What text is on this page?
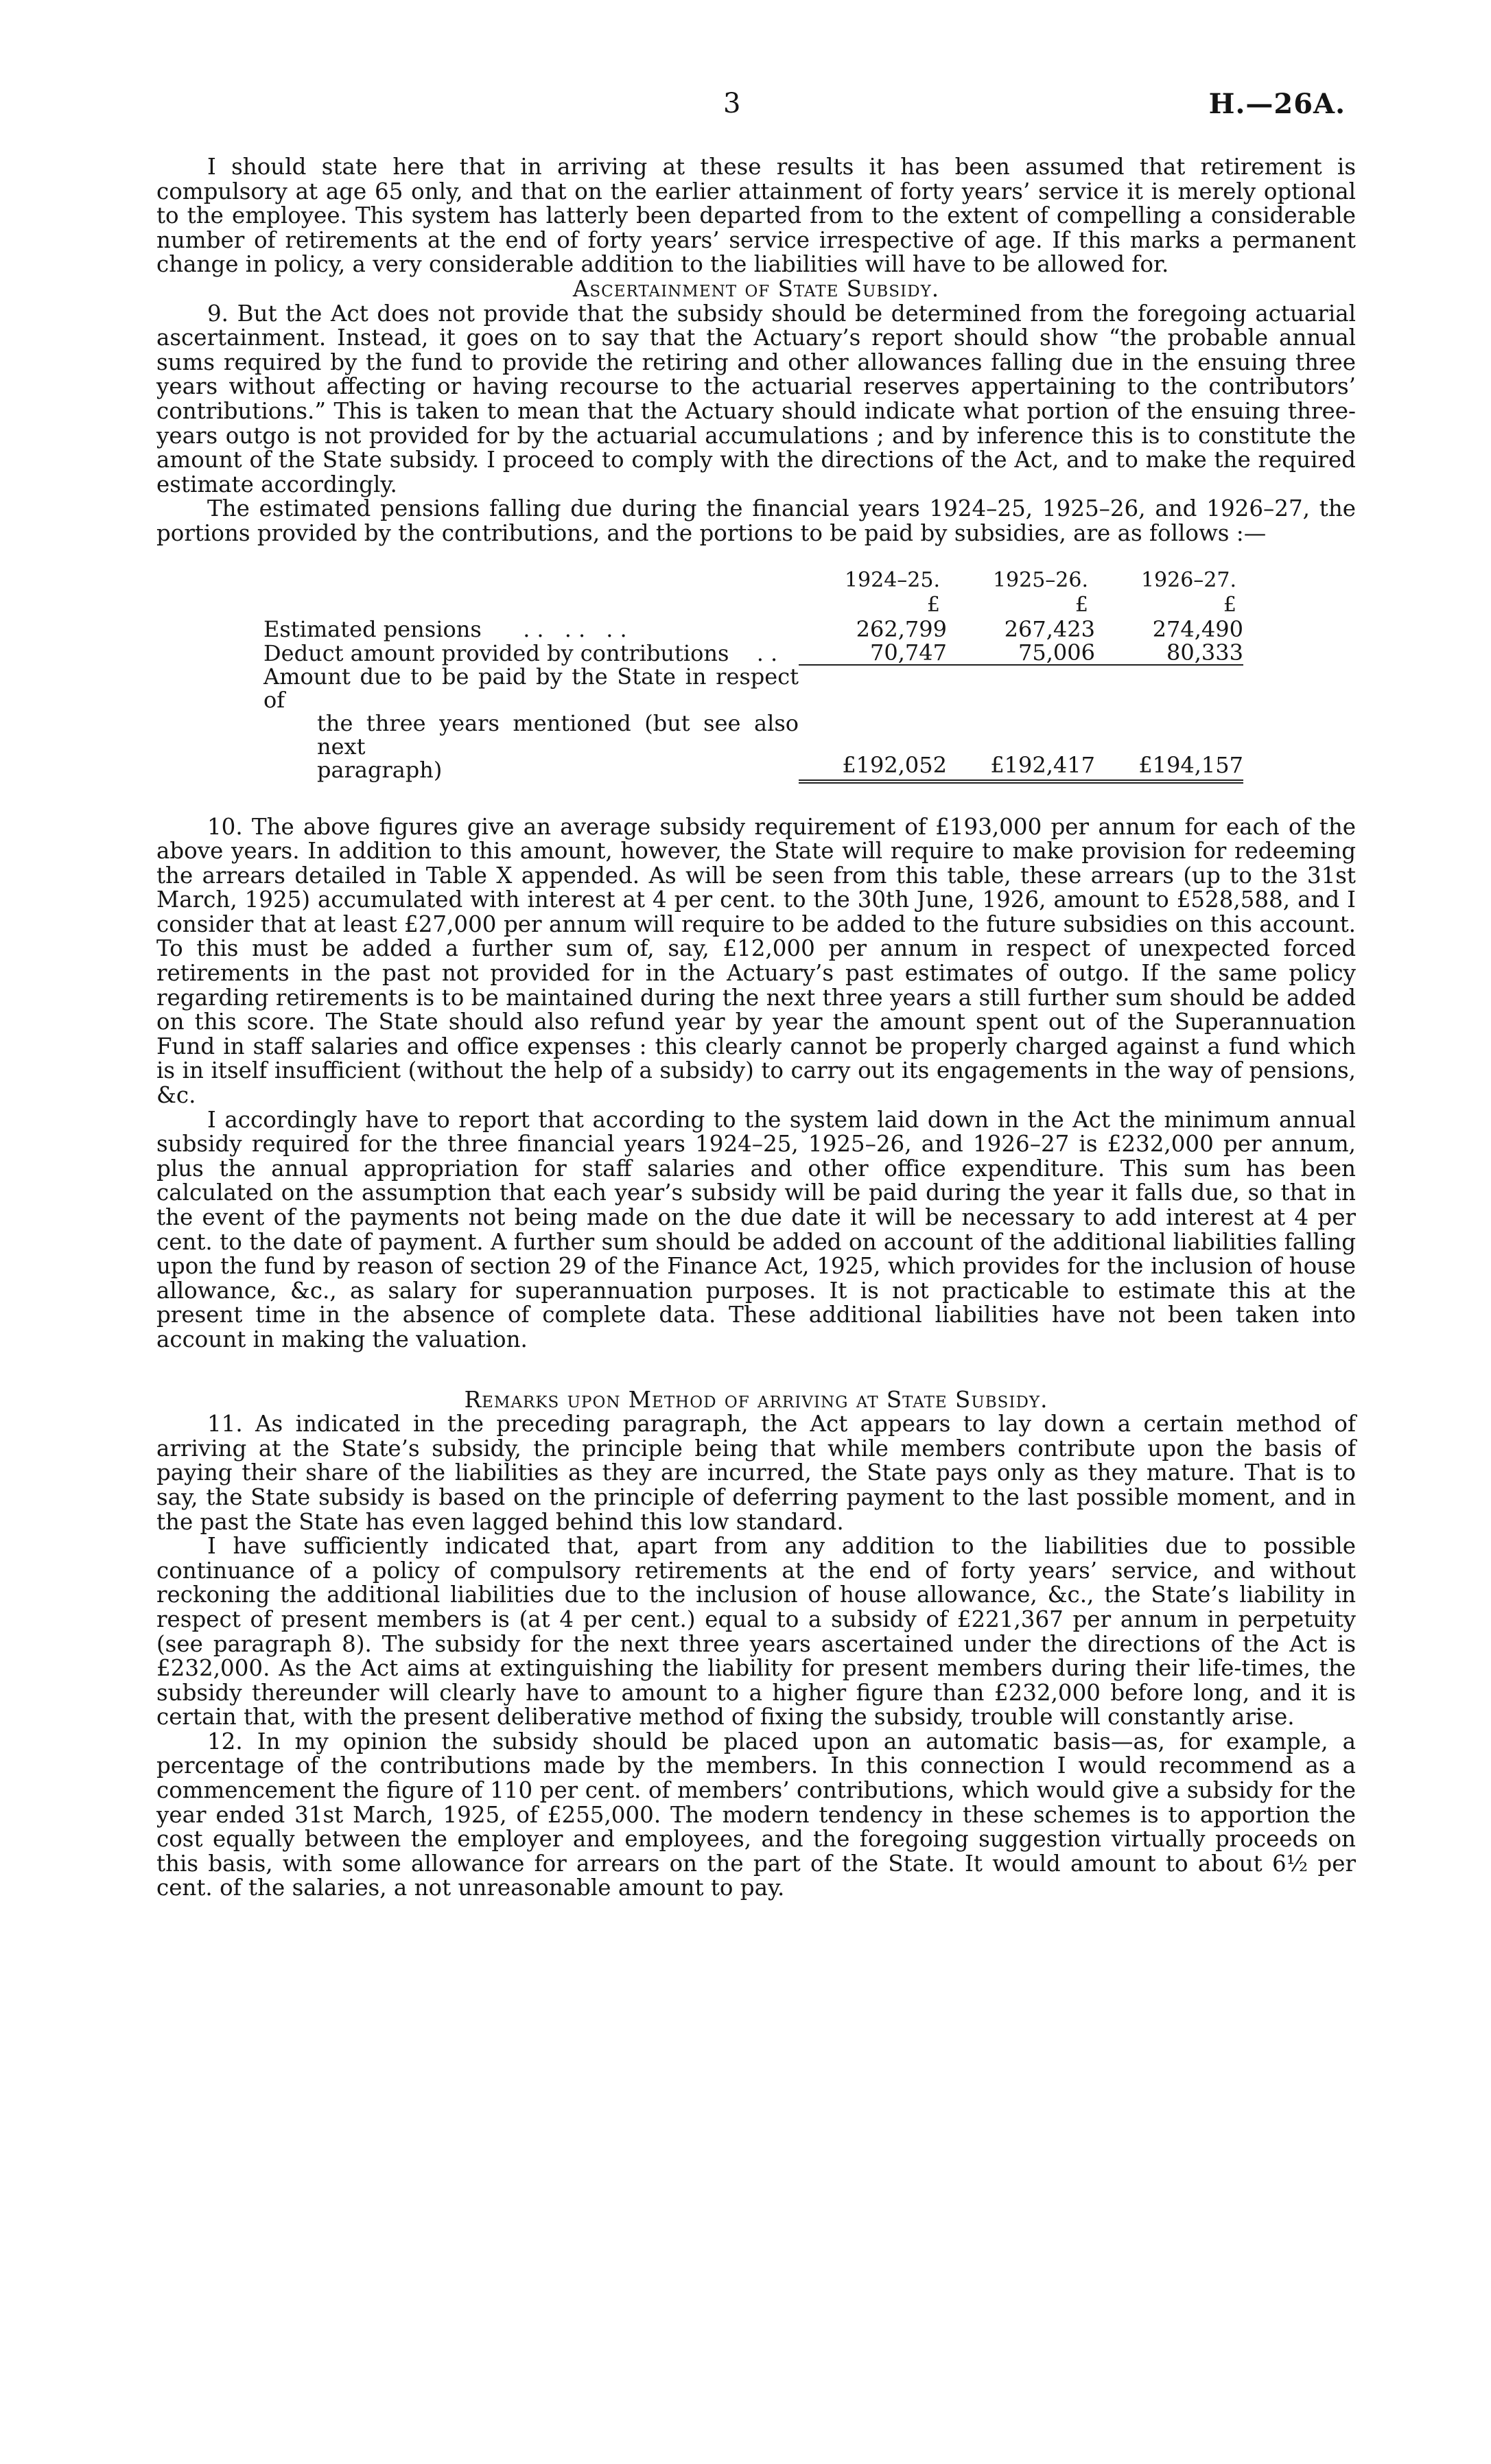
3	H.—26A.

I should state here that in arriving at these results it has been assumed that retirement is compulsory at age 65 only, and that on the earlier attainment of forty years’ service it is merely optional to the employee. This system has latterly been departed from to the extent of compelling a considerable number of retirements at the end of forty years’ service irrespective of age. If this marks a permanent change in policy, a very considerable addition to the liabilities will have to be allowed for.

Ascertainment of State Subsidy.

9. But the Act does not provide that the subsidy should be determined from the foregoing actuarial ascertainment. Instead, it goes on to say that the Actuary’s report should show “the probable annual sums required by the fund to provide the retiring and other allowances falling due in the ensuing three years without affecting or having recourse to the actuarial reserves appertaining to the contributors’ contributions.” This is taken to mean that the Actuary should indicate what portion of the ensuing three-years outgo is not provided for by the actuarial accumulations ; and by inference this is to constitute the amount of the State subsidy. I proceed to comply with the directions of the Act, and to make the required estimate accordingly.

The estimated pensions falling due during the financial years 1924–25, 1925–26, and 1926–27, the portions provided by the contributions, and the portions to be paid by subsidies, are as follows :—

	1924–25.	1925–26.	1926–27.
	£	£	£
Estimated pensions   .. .. ..	262,799	267,423	274,490
Deduct amount provided by contributions  ..	70,747	75,006	80,333
Amount due to be paid by the State in respect of
the three years mentioned (but see also next
paragraph)	£192,052	£192,417	£194,157

10. The above figures give an average subsidy requirement of £193,000 per annum for each of the above years. In addition to this amount, however, the State will require to make provision for redeeming the arrears detailed in Table X appended. As will be seen from this table, these arrears (up to the 31st March, 1925) accumulated with interest at 4 per cent. to the 30th June, 1926, amount to £528,588, and I consider that at least £27,000 per annum will require to be added to the future subsidies on this account. To this must be added a further sum of, say, £12,000 per annum in respect of unexpected forced retirements in the past not provided for in the Actuary’s past estimates of outgo. If the same policy regarding retirements is to be maintained during the next three years a still further sum should be added on this score. The State should also refund year by year the amount spent out of the Superannuation Fund in staff salaries and office expenses : this clearly cannot be properly charged against a fund which is in itself insufficient (without the help of a subsidy) to carry out its engagements in the way of pensions, &c.

I accordingly have to report that according to the system laid down in the Act the minimum annual subsidy required for the three financial years 1924–25, 1925–26, and 1926–27 is £232,000 per annum, plus the annual appropriation for staff salaries and other office expenditure. This sum has been calculated on the assumption that each year’s subsidy will be paid during the year it falls due, so that in the event of the payments not being made on the due date it will be necessary to add interest at 4 per cent. to the date of payment. A further sum should be added on account of the additional liabilities falling upon the fund by reason of section 29 of the Finance Act, 1925, which provides for the inclusion of house allowance, &c., as salary for superannuation purposes. It is not practicable to estimate this at the present time in the absence of complete data. These additional liabilities have not been taken into account in making the valuation.

Remarks upon Method of arriving at State Subsidy.

11. As indicated in the preceding paragraph, the Act appears to lay down a certain method of arriving at the State’s subsidy, the principle being that while members contribute upon the basis of paying their share of the liabilities as they are incurred, the State pays only as they mature. That is to say, the State subsidy is based on the principle of deferring payment to the last possible moment, and in the past the State has even lagged behind this low standard.

I have sufficiently indicated that, apart from any addition to the liabilities due to possible continuance of a policy of compulsory retirements at the end of forty years’ service, and without reckoning the additional liabilities due to the inclusion of house allowance, &c., the State’s liability in respect of present members is (at 4 per cent.) equal to a subsidy of £221,367 per annum in perpetuity (see paragraph 8). The subsidy for the next three years ascertained under the directions of the Act is £232,000. As the Act aims at extinguishing the liability for present members during their life-times, the subsidy thereunder will clearly have to amount to a higher figure than £232,000 before long, and it is certain that, with the present deliberative method of fixing the subsidy, trouble will constantly arise.

12. In my opinion the subsidy should be placed upon an automatic basis—as, for example, a percentage of the contributions made by the members. In this connection I would recommend as a commencement the figure of 110 per cent. of members’ contributions, which would give a subsidy for the year ended 31st March, 1925, of £255,000. The modern tendency in these schemes is to apportion the cost equally between the employer and employees, and the foregoing suggestion virtually proceeds on this basis, with some allowance for arrears on the part of the State. It would amount to about 6½ per cent. of the salaries, a not unreasonable amount to pay.
